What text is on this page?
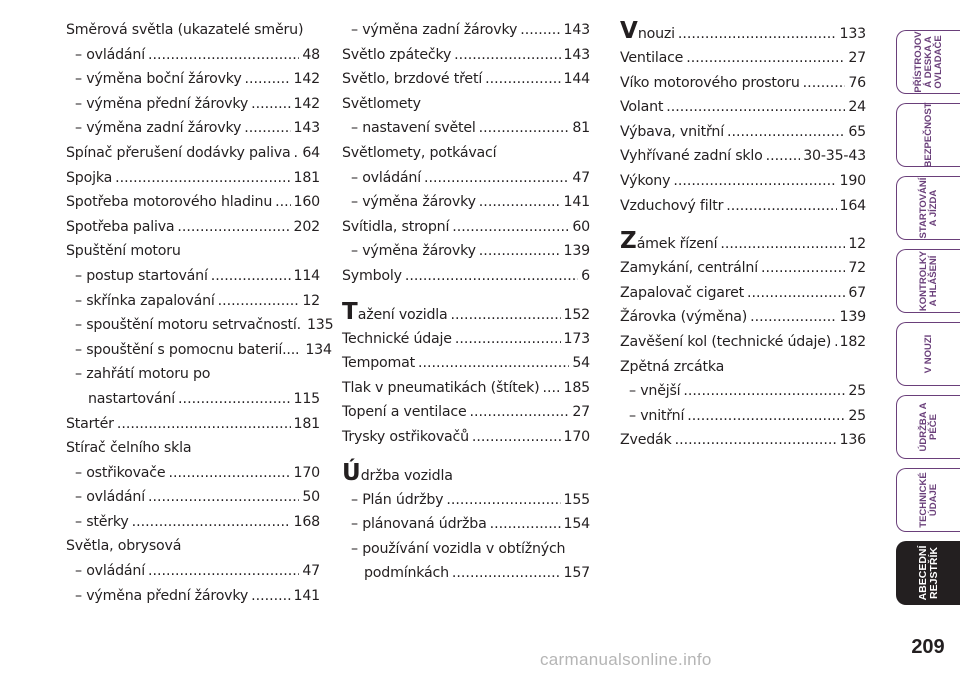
Směrová světla (ukazatelé směru)
– ovládání .....	48
– výměna boční žárovky .....	142
– výměna přední žárovky .....	142
– výměna zadní žárovky .....	143
Spínač přerušení dodávky paliva ..... 64
Spojka .....	181
Spotřeba motorového hladinu ..... 160
Spotřeba paliva .....	202
Spuštění motoru
– postup startování .....	114
– skřínka zapalování .....	12
– spouštění motoru setrvačností. 135
– spouštění s pomocnu baterií.... 134
– zahřátí motoru po
nastartování .....	115
Startér .....	181
Stírač čelního skla
– ostřikovače .....	170
– ovládání .....	50
– stěrky .....	168
Světla, obrysová
– ovládání .....	47
– výměna přední žárovky .....	141
– výměna zadní žárovky .....	143
Světlo zpátečky .....	143
Světlo, brzdové třetí .....	144
Světlomety
– nastavení světel .....	81
Světlomety, potkávací
– ovládání .....	47
– výměna žárovky .....	141
Svítidla, stropní .....	60
– výměna žárovky .....	139
Symboly .....	6
Tažení vozidla .....	152
Technické údaje .....	173
Tempomat .....	54
Tlak v pneumatikách (štítek) ..... 185
Topení a ventilace .....	27
Trysky ostřikovačů .....	170
Údržba vozidla
– Plán údržby .....	155
– plánovaná údržba .....	154
– používání vozidla v obtížných
podmínkách .....	157
Vnouzi .....	133
Ventilace .....	27
Víko motorového prostoru .....	76
Volant .....	24
Výbava, vnitřní .....	65
Vyhřívané zadní sklo .....	30-35-43
Výkony .....	190
Vzduchový filtr .....	164
Zámek řízení .....	12
Zamykání, centrální .....	72
Zapalovač cigaret .....	67
Žárovka (výměna) .....	139
Zavěšení kol (technické údaje) ..... 182
Zpětná zrcátka
– vnější .....	25
– vnitřní .....	25
Zvedák .....	136
PŘÍSTROJOV
Á DESKA A
OVLADAČE
BEZPEČNOST
STARTOVÁNÍ
A JÍZDA
KONTROLKY
A HLÁŠENÍ
V NOUZI
ÚDRŽBA A
PÉČE
TECHNICKÉ
ÚDAJE
ABECEDNÍ
REJSTŘÍK
209
carmanualsonline.info
